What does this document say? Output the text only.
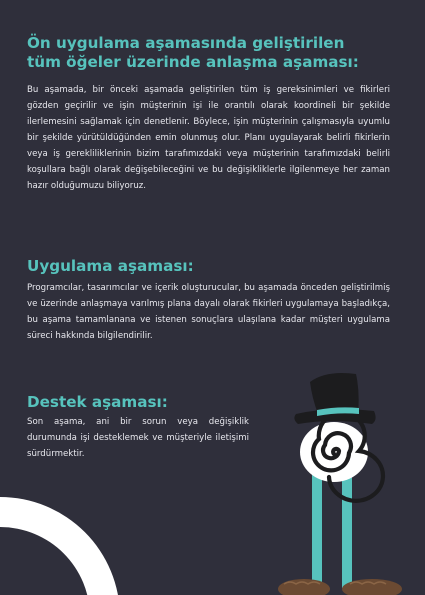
Ön uygulama aşamasında geliştirilen tüm öğeler üzerinde anlaşma aşaması:

Bu aşamada, bir önceki aşamada geliştirilen tüm iş gereksinimleri ve fikirleri gözden geçirilir ve işin müşterinin işi ile orantılı olarak koordineli bir şekilde ilerlemesini sağlamak için denetlenir. Böylece, işin müşterinin çalışmasıyla uyumlu bir şekilde yürütüldüğünden emin olunmuş olur. Planı uygulayarak belirli fikirlerin veya iş gerekliliklerinin bizim tarafımızdaki veya müşterinin tarafımızdaki belirli koşullara bağlı olarak değişebileceğini ve bu değişikliklerle ilgilenmeye her zaman hazır olduğumuzu biliyoruz.

Uygulama aşaması:

Programcılar, tasarımcılar ve içerik oluşturucular, bu aşamada önceden geliştirilmiş ve üzerinde anlaşmaya varılmış plana dayalı olarak fikirleri uygulamaya başladıkça, bu aşama tamamlanana ve istenen sonuçlara ulaşılana kadar müşteri uygulama süreci hakkında bilgilendirilir.

Destek aşaması:

Son aşama, ani bir sorun veya değişiklik durumunda işi desteklemek ve müşteriyle iletişimi sürdürmektir.
